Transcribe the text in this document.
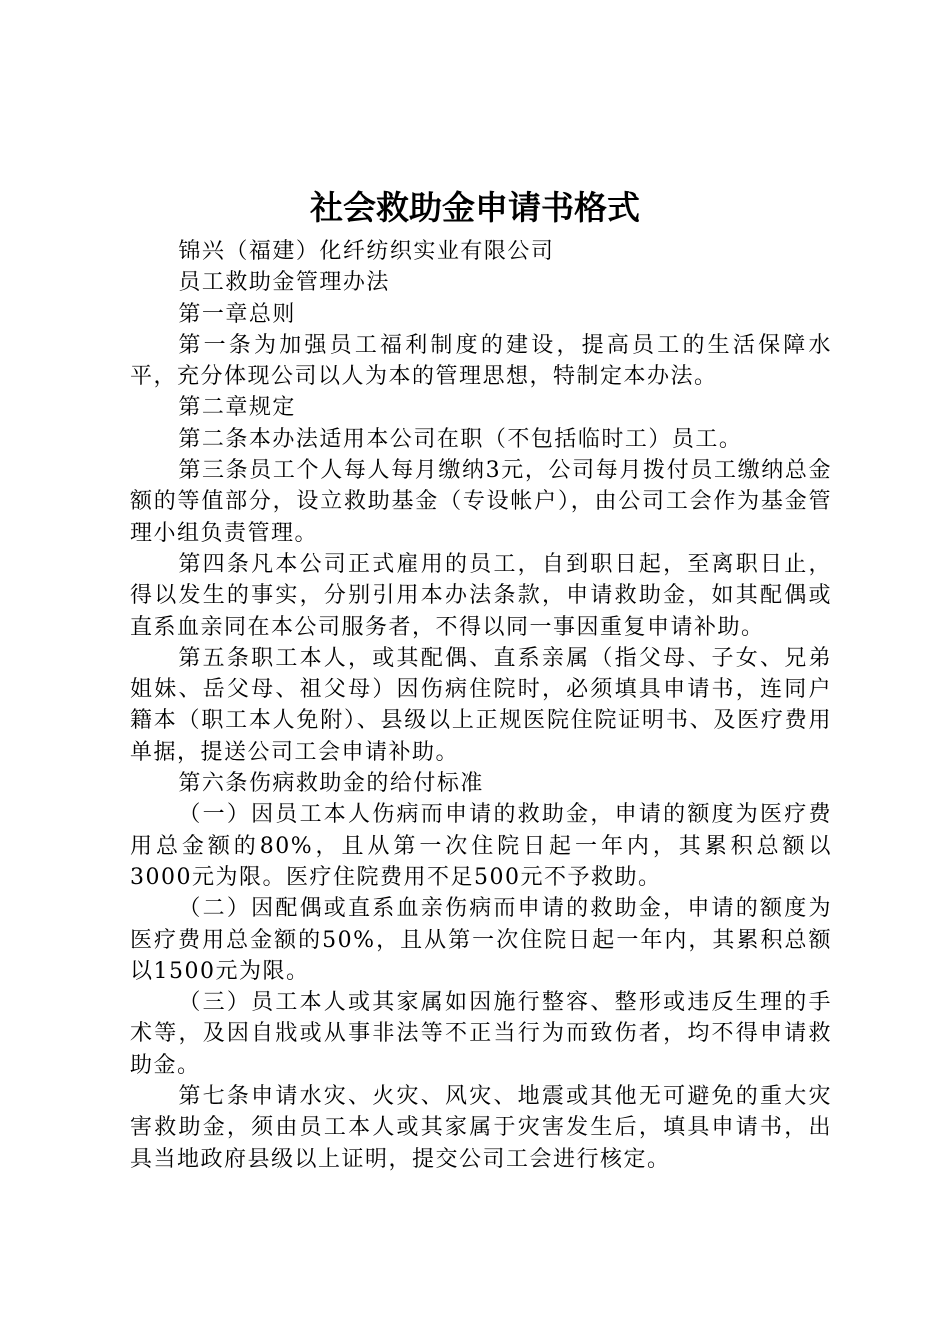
社会救助金申请书格式

锦兴（福建）化纤纺织实业有限公司

员工救助金管理办法

第一章总则

第一条为加强员工福利制度的建设，提高员工的生活保障水平，充分体现公司以人为本的管理思想，特制定本办法。

第二章规定

第二条本办法适用本公司在职（不包括临时工）员工。

第三条员工个人每人每月缴纳3元，公司每月拨付员工缴纳总金额的等值部分，设立救助基金（专设帐户），由公司工会作为基金管理小组负责管理。

第四条凡本公司正式雇用的员工，自到职日起，至离职日止，得以发生的事实，分别引用本办法条款，申请救助金，如其配偶或直系血亲同在本公司服务者，不得以同一事因重复申请补助。

第五条职工本人，或其配偶、直系亲属（指父母、子女、兄弟姐妹、岳父母、祖父母）因伤病住院时，必须填具申请书，连同户籍本（职工本人免附）、县级以上正规医院住院证明书、及医疗费用单据，提送公司工会申请补助。

第六条伤病救助金的给付标准

（一）因员工本人伤病而申请的救助金，申请的额度为医疗费用总金额的80%，且从第一次住院日起一年内，其累积总额以3000元为限。医疗住院费用不足500元不予救助。

（二）因配偶或直系血亲伤病而申请的救助金，申请的额度为医疗费用总金额的50%，且从第一次住院日起一年内，其累积总额以1500元为限。

（三）员工本人或其家属如因施行整容、整形或违反生理的手术等，及因自戕或从事非法等不正当行为而致伤者，均不得申请救助金。

第七条申请水灾、火灾、风灾、地震或其他无可避免的重大灾害救助金，须由员工本人或其家属于灾害发生后，填具申请书，出具当地政府县级以上证明，提交公司工会进行核定。
